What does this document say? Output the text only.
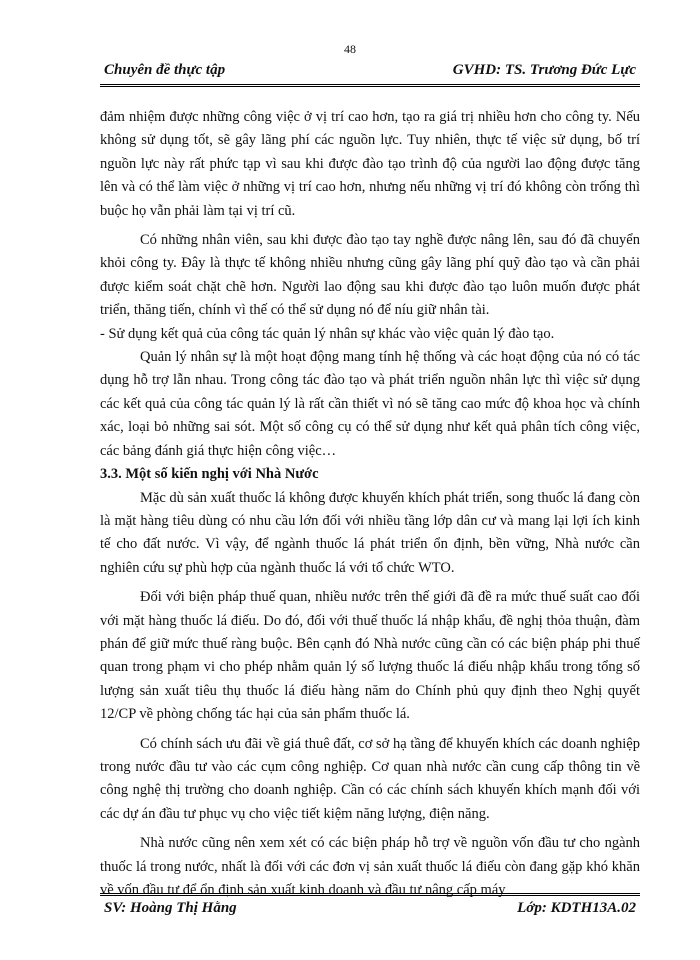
48
Chuyên đề thực tập	GVHD: TS. Trương Đức Lực

đảm nhiệm được những công việc ở vị trí cao hơn, tạo ra giá trị nhiều hơn cho công ty. Nếu không sử dụng tốt, sẽ gây lãng phí các nguồn lực. Tuy nhiên, thực tế việc sử dụng, bố trí nguồn lực này rất phức tạp vì sau khi được đào tạo trình độ của người lao động được tăng lên và có thể làm việc ở những vị trí cao hơn, nhưng nếu những vị trí đó không còn trống thì buộc họ vẫn phải làm tại vị trí cũ.

Có những nhân viên, sau khi được đào tạo tay nghề được nâng lên, sau đó đã chuyển khỏi công ty. Đây là thực tế không nhiều nhưng cũng gây lãng phí quỹ đào tạo và cần phải được kiểm soát chặt chẽ hơn. Người lao động sau khi được đào tạo luôn muốn được phát triển, thăng tiến, chính vì thế có thể sử dụng nó để níu giữ nhân tài.

- Sử dụng kết quả của công tác quản lý nhân sự khác vào việc quản lý đào tạo.

Quản lý nhân sự là một hoạt động mang tính hệ thống và các hoạt động của nó có tác dụng hỗ trợ lẫn nhau. Trong công tác đào tạo và phát triển nguồn nhân lực thì việc sử dụng các kết quả của công tác quản lý là rất cần thiết vì nó sẽ tăng cao mức độ khoa học và chính xác, loại bỏ những sai sót. Một số công cụ có thể sử dụng như kết quả phân tích công việc, các bảng đánh giá thực hiện công việc…

3.3. Một số kiến nghị với Nhà Nước

Mặc dù sản xuất thuốc lá không được khuyến khích phát triển, song thuốc lá đang còn là mặt hàng tiêu dùng có nhu cầu lớn đối với nhiều tầng lớp dân cư và mang lại lợi ích kinh tế cho đất nước. Vì vậy, để ngành thuốc lá phát triển ổn định, bền vững, Nhà nước cần nghiên cứu sự phù hợp của ngành thuốc lá với tổ chức WTO.

Đối với biện pháp thuế quan, nhiều nước trên thế giới đã đề ra mức thuế suất cao đối với mặt hàng thuốc lá điếu. Do đó, đối với thuế thuốc lá nhập khẩu, đề nghị thỏa thuận, đàm phán để giữ mức thuế ràng buộc. Bên cạnh đó Nhà nước cũng cần có các biện pháp phi thuế quan trong phạm vi cho phép nhằm quản lý số lượng thuốc lá điếu nhập khẩu trong tổng số lượng sản xuất tiêu thụ thuốc lá điếu hàng năm do Chính phủ quy định theo Nghị quyết 12/CP về phòng chống tác hại của sản phẩm thuốc lá.

Có chính sách ưu đãi về giá thuê đất, cơ sở hạ tầng để khuyến khích các doanh nghiệp trong nước đầu tư vào các cụm công nghiệp. Cơ quan nhà nước cần cung cấp thông tin về công nghệ thị trường cho doanh nghiệp. Cần có các chính sách khuyến khích mạnh đối với các dự án đầu tư phục vụ cho việc tiết kiệm năng lượng, điện năng.

Nhà nước cũng nên xem xét có các biện pháp hỗ trợ về nguồn vốn đầu tư cho ngành thuốc lá trong nước, nhất là đối với các đơn vị sản xuất thuốc lá điếu còn đang gặp khó khăn về vốn đầu tư để ổn định sản xuất kinh doanh và đầu tư nâng cấp máy

SV: Hoàng Thị Hằng	Lớp: KDTH13A.02
